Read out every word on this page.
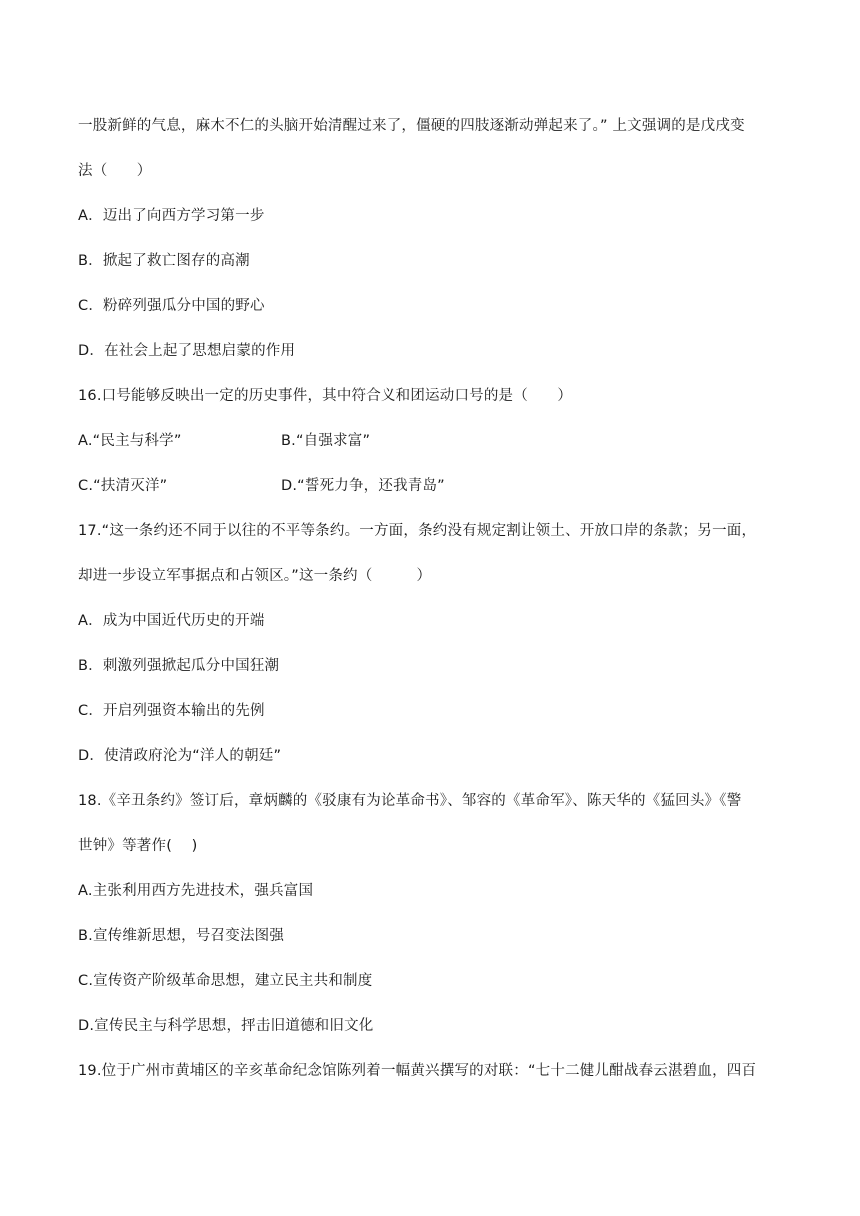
一股新鲜的气息，麻木不仁的头脑开始清醒过来了，僵硬的四肢逐渐动弹起来了。” 上文强调的是戊戌变
法（　　）
A．迈出了向西方学习第一步
B．掀起了救亡图存的高潮
C．粉碎列强瓜分中国的野心
D．在社会上起了思想启蒙的作用
16.口号能够反映出一定的历史事件，其中符合义和团运动口号的是（　　）
A.“民主与科学”	B.“自强求富”
C.“扶清灭洋”	D.“誓死力争，还我青岛”
17.“这一条约还不同于以往的不平等条约。一方面，条约没有规定割让领土、开放口岸的条款；另一面，
却进一步设立军事据点和占领区。”这一条约（　　　）
A．成为中国近代历史的开端
B．刺激列强掀起瓜分中国狂潮
C．开启列强资本输出的先例
D．使清政府沦为“洋人的朝廷”
18.《辛丑条约》签订后，章炳麟的《驳康有为论革命书》、邹容的《革命军》、陈天华的《猛回头》《警
世钟》等著作(　 )
A.主张利用西方先进技术，强兵富国
B.宣传维新思想，号召变法图强
C.宣传资产阶级革命思想，建立民主共和制度
D.宣传民主与科学思想，抨击旧道德和旧文化
19.位于广州市黄埔区的辛亥革命纪念馆陈列着一幅黄兴撰写的对联：“七十二健儿酣战春云湛碧血，四百
